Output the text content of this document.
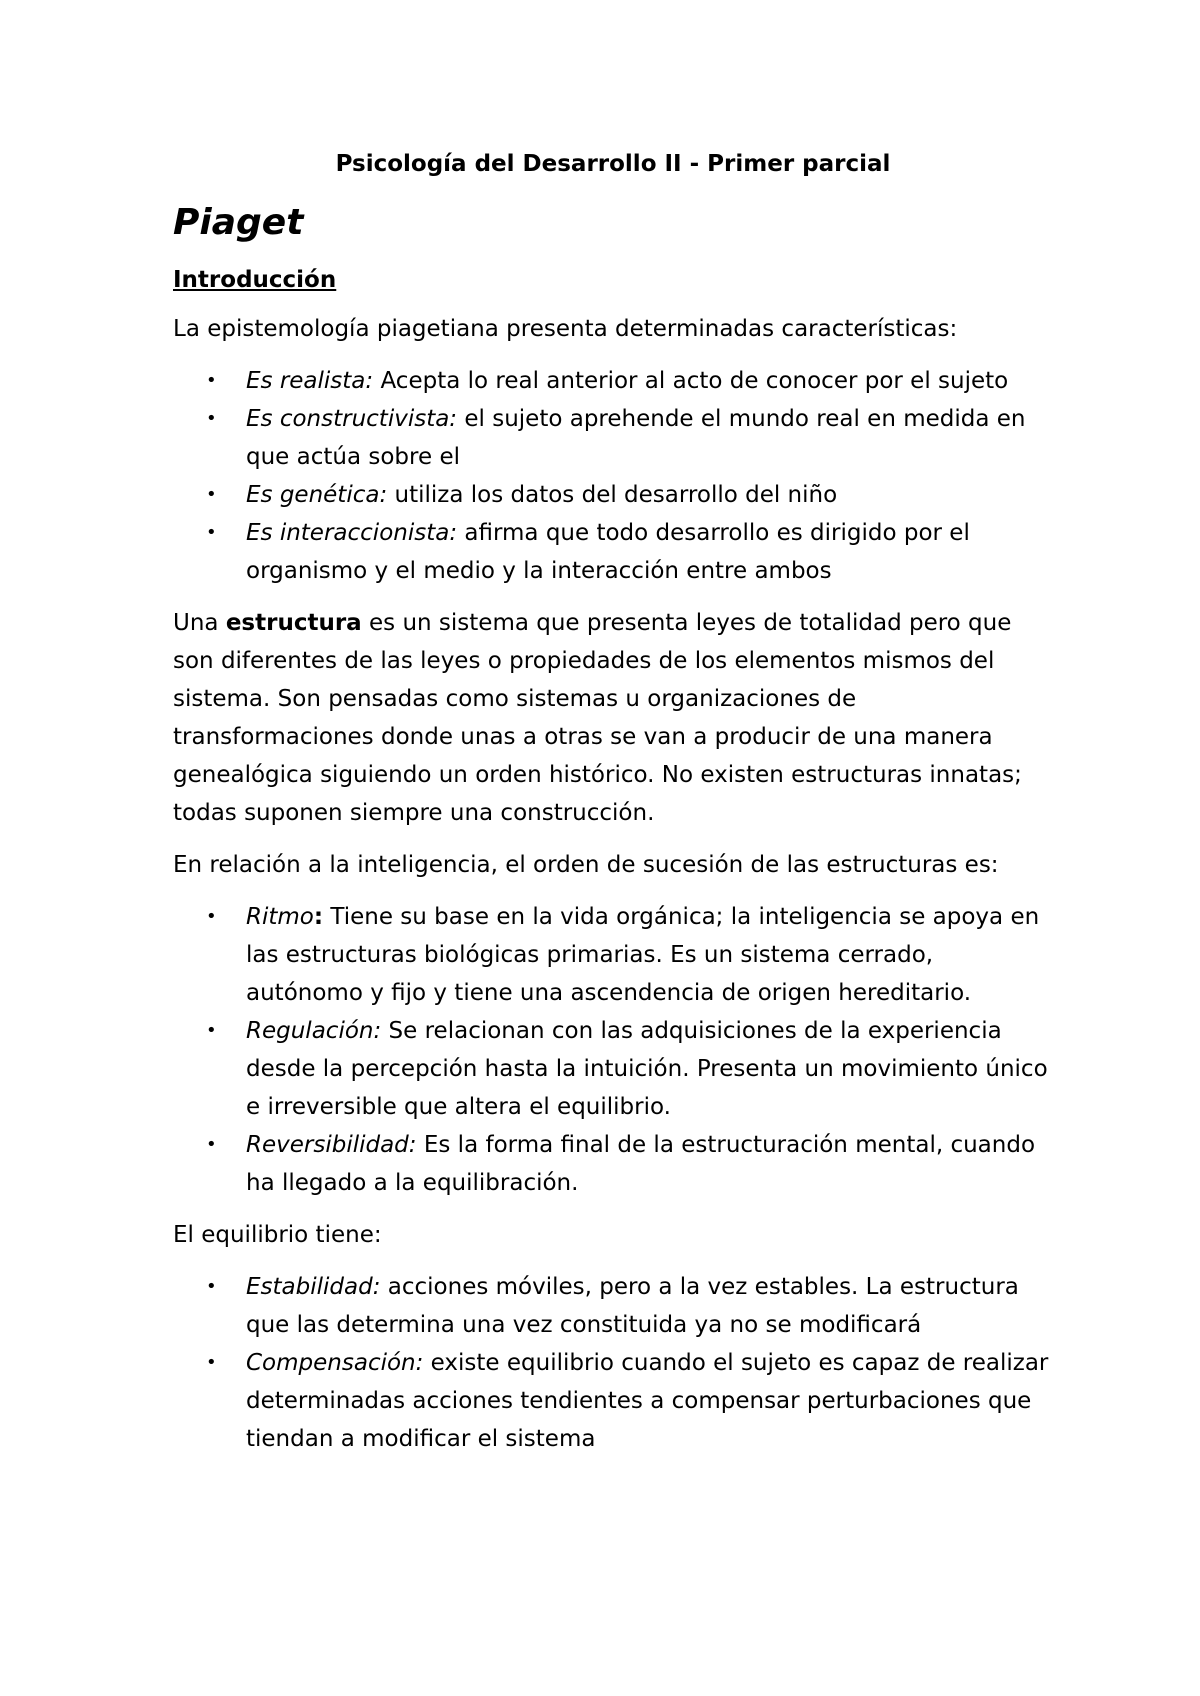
Psicología del Desarrollo II - Primer parcial
Piaget
Introducción

La epistemología piagetiana presenta determinadas características:

• Es realista: Acepta lo real anterior al acto de conocer por el sujeto
• Es constructivista: el sujeto aprehende el mundo real en medida en que actúa sobre el
• Es genética: utiliza los datos del desarrollo del niño
• Es interaccionista: afirma que todo desarrollo es dirigido por el organismo y el medio y la interacción entre ambos

Una estructura es un sistema que presenta leyes de totalidad pero que son diferentes de las leyes o propiedades de los elementos mismos del sistema. Son pensadas como sistemas u organizaciones de transformaciones donde unas a otras se van a producir de una manera genealógica siguiendo un orden histórico. No existen estructuras innatas; todas suponen siempre una construcción.

En relación a la inteligencia, el orden de sucesión de las estructuras es:

• Ritmo: Tiene su base en la vida orgánica; la inteligencia se apoya en las estructuras biológicas primarias. Es un sistema cerrado, autónomo y fijo y tiene una ascendencia de origen hereditario.
• Regulación: Se relacionan con las adquisiciones de la experiencia desde la percepción hasta la intuición. Presenta un movimiento único e irreversible que altera el equilibrio.
• Reversibilidad: Es la forma final de la estructuración mental, cuando ha llegado a la equilibración.

El equilibrio tiene:

• Estabilidad: acciones móviles, pero a la vez estables. La estructura que las determina una vez constituida ya no se modificará
• Compensación: existe equilibrio cuando el sujeto es capaz de realizar determinadas acciones tendientes a compensar perturbaciones que tiendan a modificar el sistema
